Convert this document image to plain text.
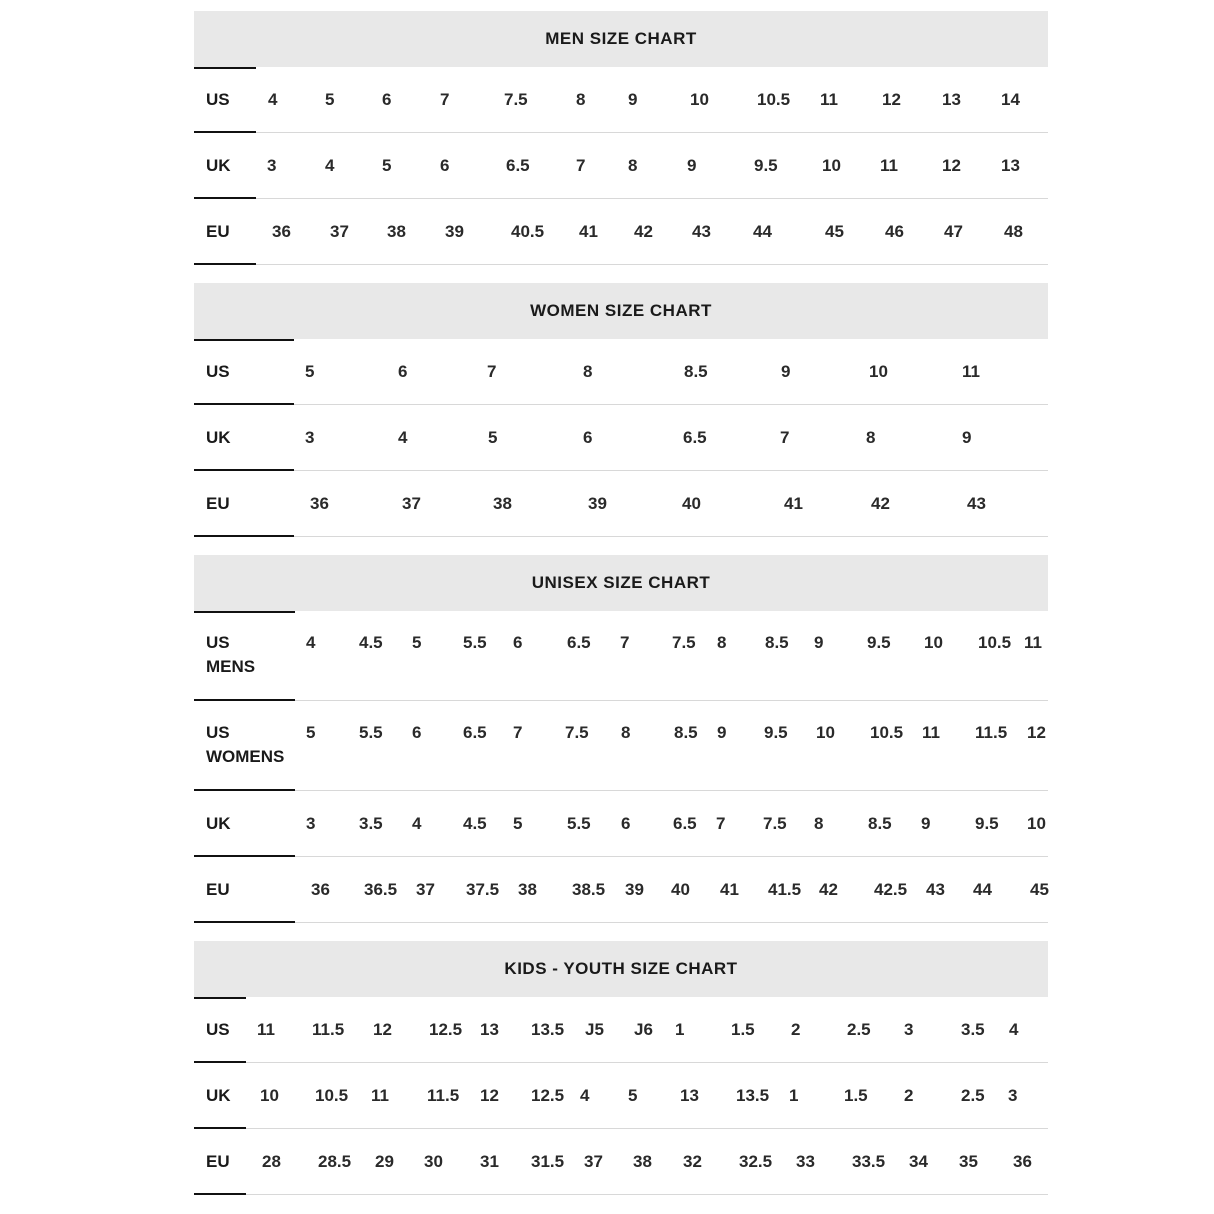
MEN SIZE CHART
US 4	5	6	7	7.5	8	9	10	10.5 11	12 13 14
UK 3	4	5	6	6.5	7	8	9	9.5	10 11	12 13
EU 36 37 38 39	40.5 41 42 43 44	45 46 47 48
WOMEN SIZE CHART
US	5	6	7	8	8.5	9	10	11
UK	3	4	5	6	6.5	7	8	9
EU	36	37	38	39	40	41	42	43
UNISEX SIZE CHART
US
MENS
4	4.5 5 5.5 6	6.5 7	7.5 8 8.5 9	9.5 10 10.5 11
US
WOMENS
5	5.5 6 6.5 7	7.5 8	8.5 9 9.5 10 10.5 11 11.5 12
UK	3	3.5 4 4.5 5	5.5 6	6.5 7 7.5 8	8.5 9	9.5 10
EU	36 36.5 37 37.5 38 38.5 39 40 41 41.5 42 42.5 43 44 45
KIDS - YOUTH SIZE CHART
US 11 11.5 12 12.5 13 13.5 J5 J6 1	1.5 2	2.5 3	3.5 4
UK 10 10.5 11 11.5 12 12.5 4 5	13 13.5 1	1.5 2	2.5 3
EU 28 28.5 29 30 31 31.5 37 38 32 32.5 33 33.5 34 35 36
